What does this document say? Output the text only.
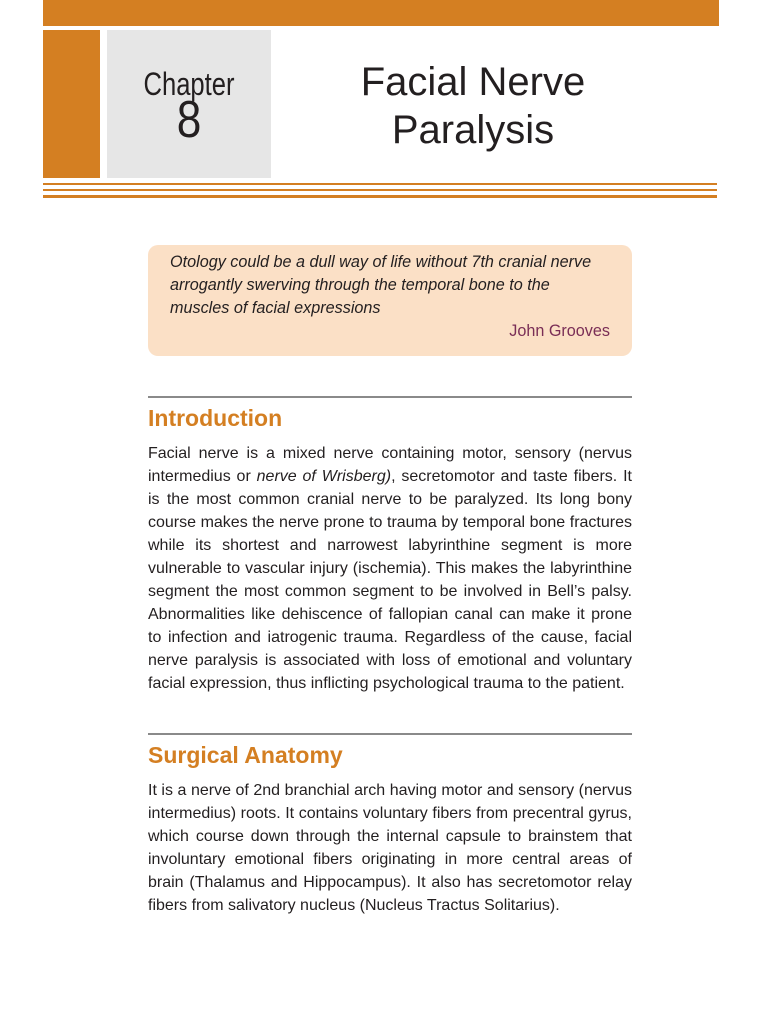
Chapter
8
Facial Nerve
Paralysis

Otology could be a dull way of life without 7th cranial nerve arrogantly swerving through the temporal bone to the muscles of facial expressions

John Grooves
Introduction

Facial nerve is a mixed nerve containing motor, sensory (nervus intermedius or nerve of Wrisberg), secretomotor and taste fibers. It is the most common cranial nerve to be paralyzed. Its long bony course makes the nerve prone to trauma by temporal bone fractures while its shortest and narrowest labyrinthine segment is more vulnerable to vascular injury (ischemia). This makes the labyrinthine segment the most common segment to be involved in Bell’s palsy. Abnormalities like dehiscence of fallopian canal can make it prone to infection and iatrogenic trauma. Regardless of the cause, facial nerve paralysis is associated with loss of emotional and voluntary facial expression, thus inflicting psychological trauma to the patient.

Surgical Anatomy

It is a nerve of 2nd branchial arch having motor and sensory (nervus intermedius) roots. It contains voluntary fibers from precentral gyrus, which course down through the internal capsule to brainstem that involuntary emotional fibers originating in more central areas of brain (Thalamus and Hippocampus). It also has secretomotor relay fibers from salivatory nucleus (Nucleus Tractus Solitarius).
